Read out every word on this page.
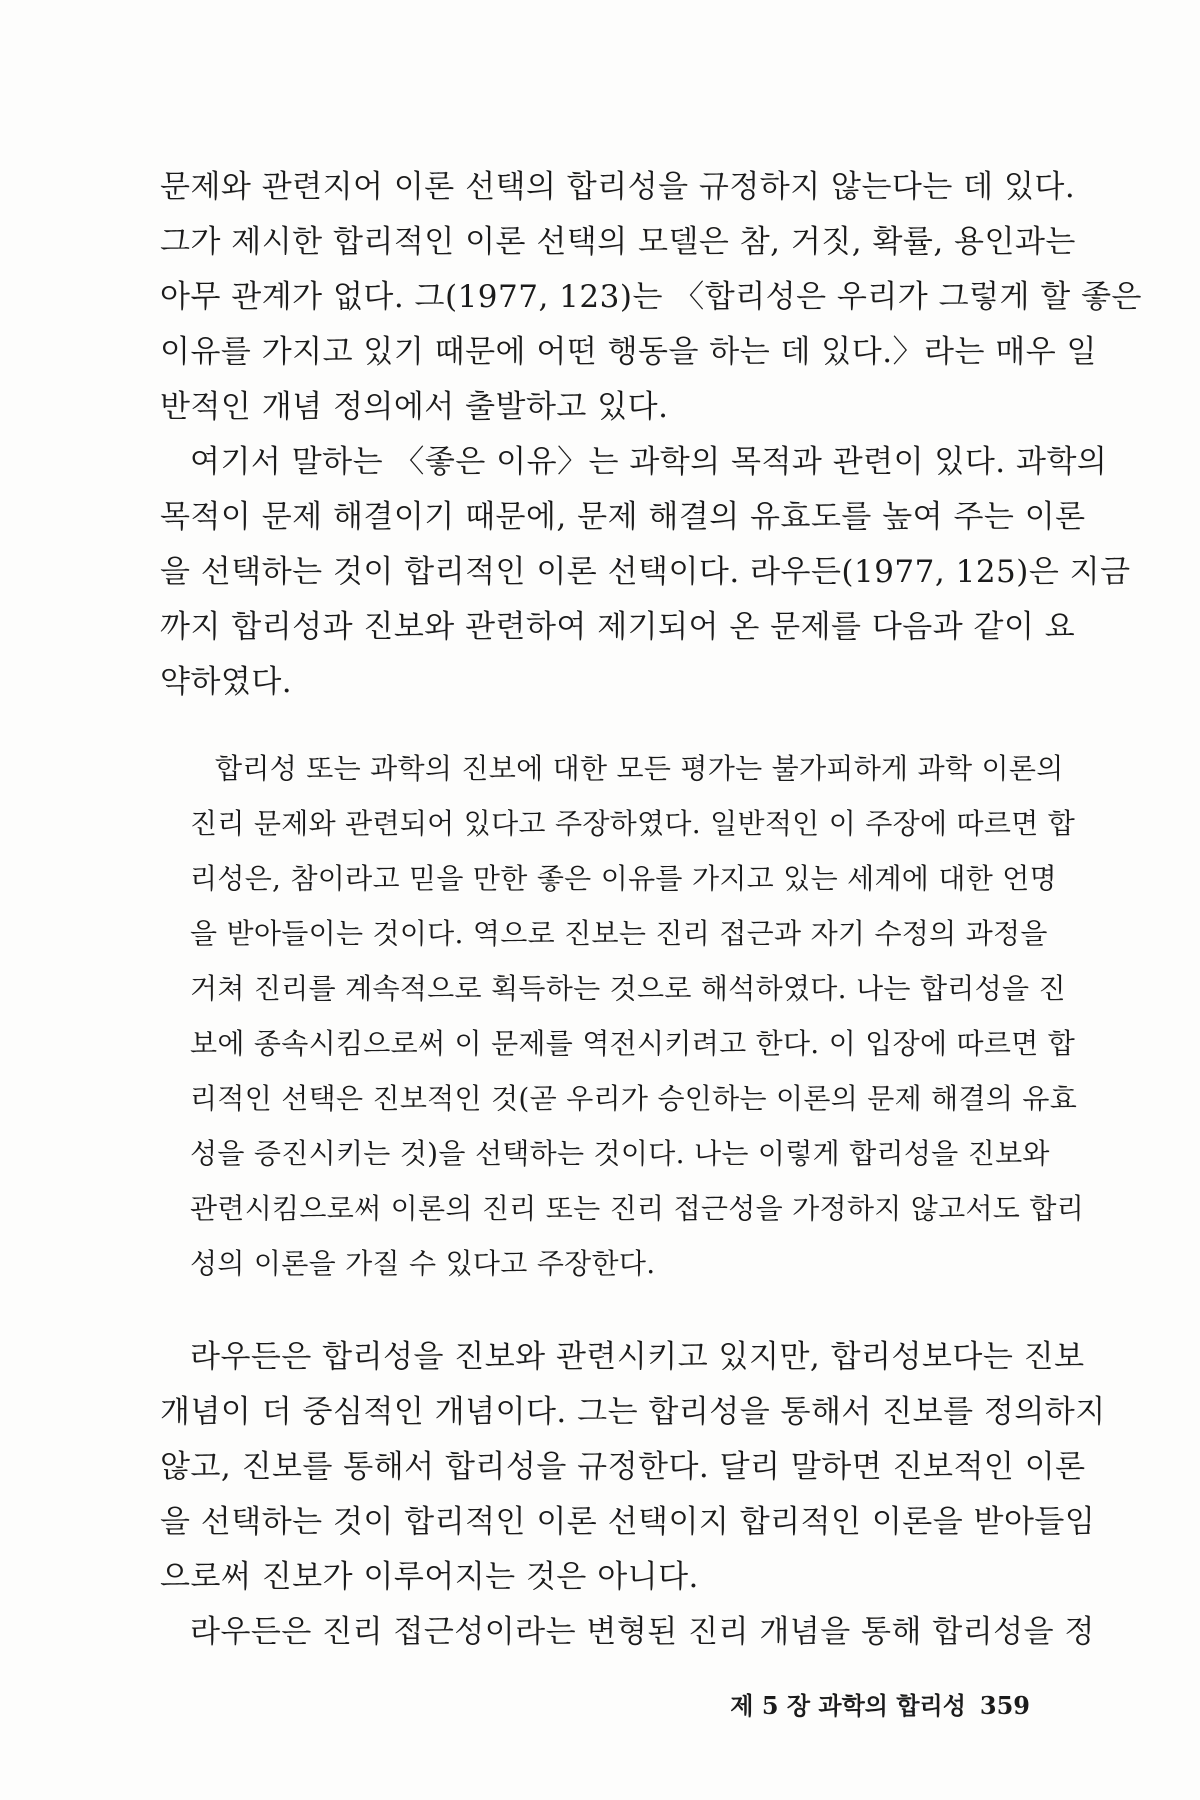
문제와 관련지어 이론 선택의 합리성을 규정하지 않는다는 데 있다.
그가 제시한 합리적인 이론 선택의 모델은 참, 거짓, 확률, 용인과는
아무 관계가 없다. 그(1977, 123)는 〈합리성은 우리가 그렇게 할 좋은
이유를 가지고 있기 때문에 어떤 행동을 하는 데 있다.〉라는 매우 일
반적인 개념 정의에서 출발하고 있다.
여기서 말하는 〈좋은 이유〉는 과학의 목적과 관련이 있다. 과학의
목적이 문제 해결이기 때문에, 문제 해결의 유효도를 높여 주는 이론
을 선택하는 것이 합리적인 이론 선택이다. 라우든(1977, 125)은 지금
까지 합리성과 진보와 관련하여 제기되어 온 문제를 다음과 같이 요
약하였다.
합리성 또는 과학의 진보에 대한 모든 평가는 불가피하게 과학 이론의
진리 문제와 관련되어 있다고 주장하였다. 일반적인 이 주장에 따르면 합
리성은, 참이라고 믿을 만한 좋은 이유를 가지고 있는 세계에 대한 언명
을 받아들이는 것이다. 역으로 진보는 진리 접근과 자기 수정의 과정을
거쳐 진리를 계속적으로 획득하는 것으로 해석하였다. 나는 합리성을 진
보에 종속시킴으로써 이 문제를 역전시키려고 한다. 이 입장에 따르면 합
리적인 선택은 진보적인 것(곧 우리가 승인하는 이론의 문제 해결의 유효
성을 증진시키는 것)을 선택하는 것이다. 나는 이렇게 합리성을 진보와
관련시킴으로써 이론의 진리 또는 진리 접근성을 가정하지 않고서도 합리
성의 이론을 가질 수 있다고 주장한다.
라우든은 합리성을 진보와 관련시키고 있지만, 합리성보다는 진보
개념이 더 중심적인 개념이다. 그는 합리성을 통해서 진보를 정의하지
않고, 진보를 통해서 합리성을 규정한다. 달리 말하면 진보적인 이론
을 선택하는 것이 합리적인 이론 선택이지 합리적인 이론을 받아들임
으로써 진보가 이루어지는 것은 아니다.
라우든은 진리 접근성이라는 변형된 진리 개념을 통해 합리성을 정
제 5 장 과학의 합리성 359
